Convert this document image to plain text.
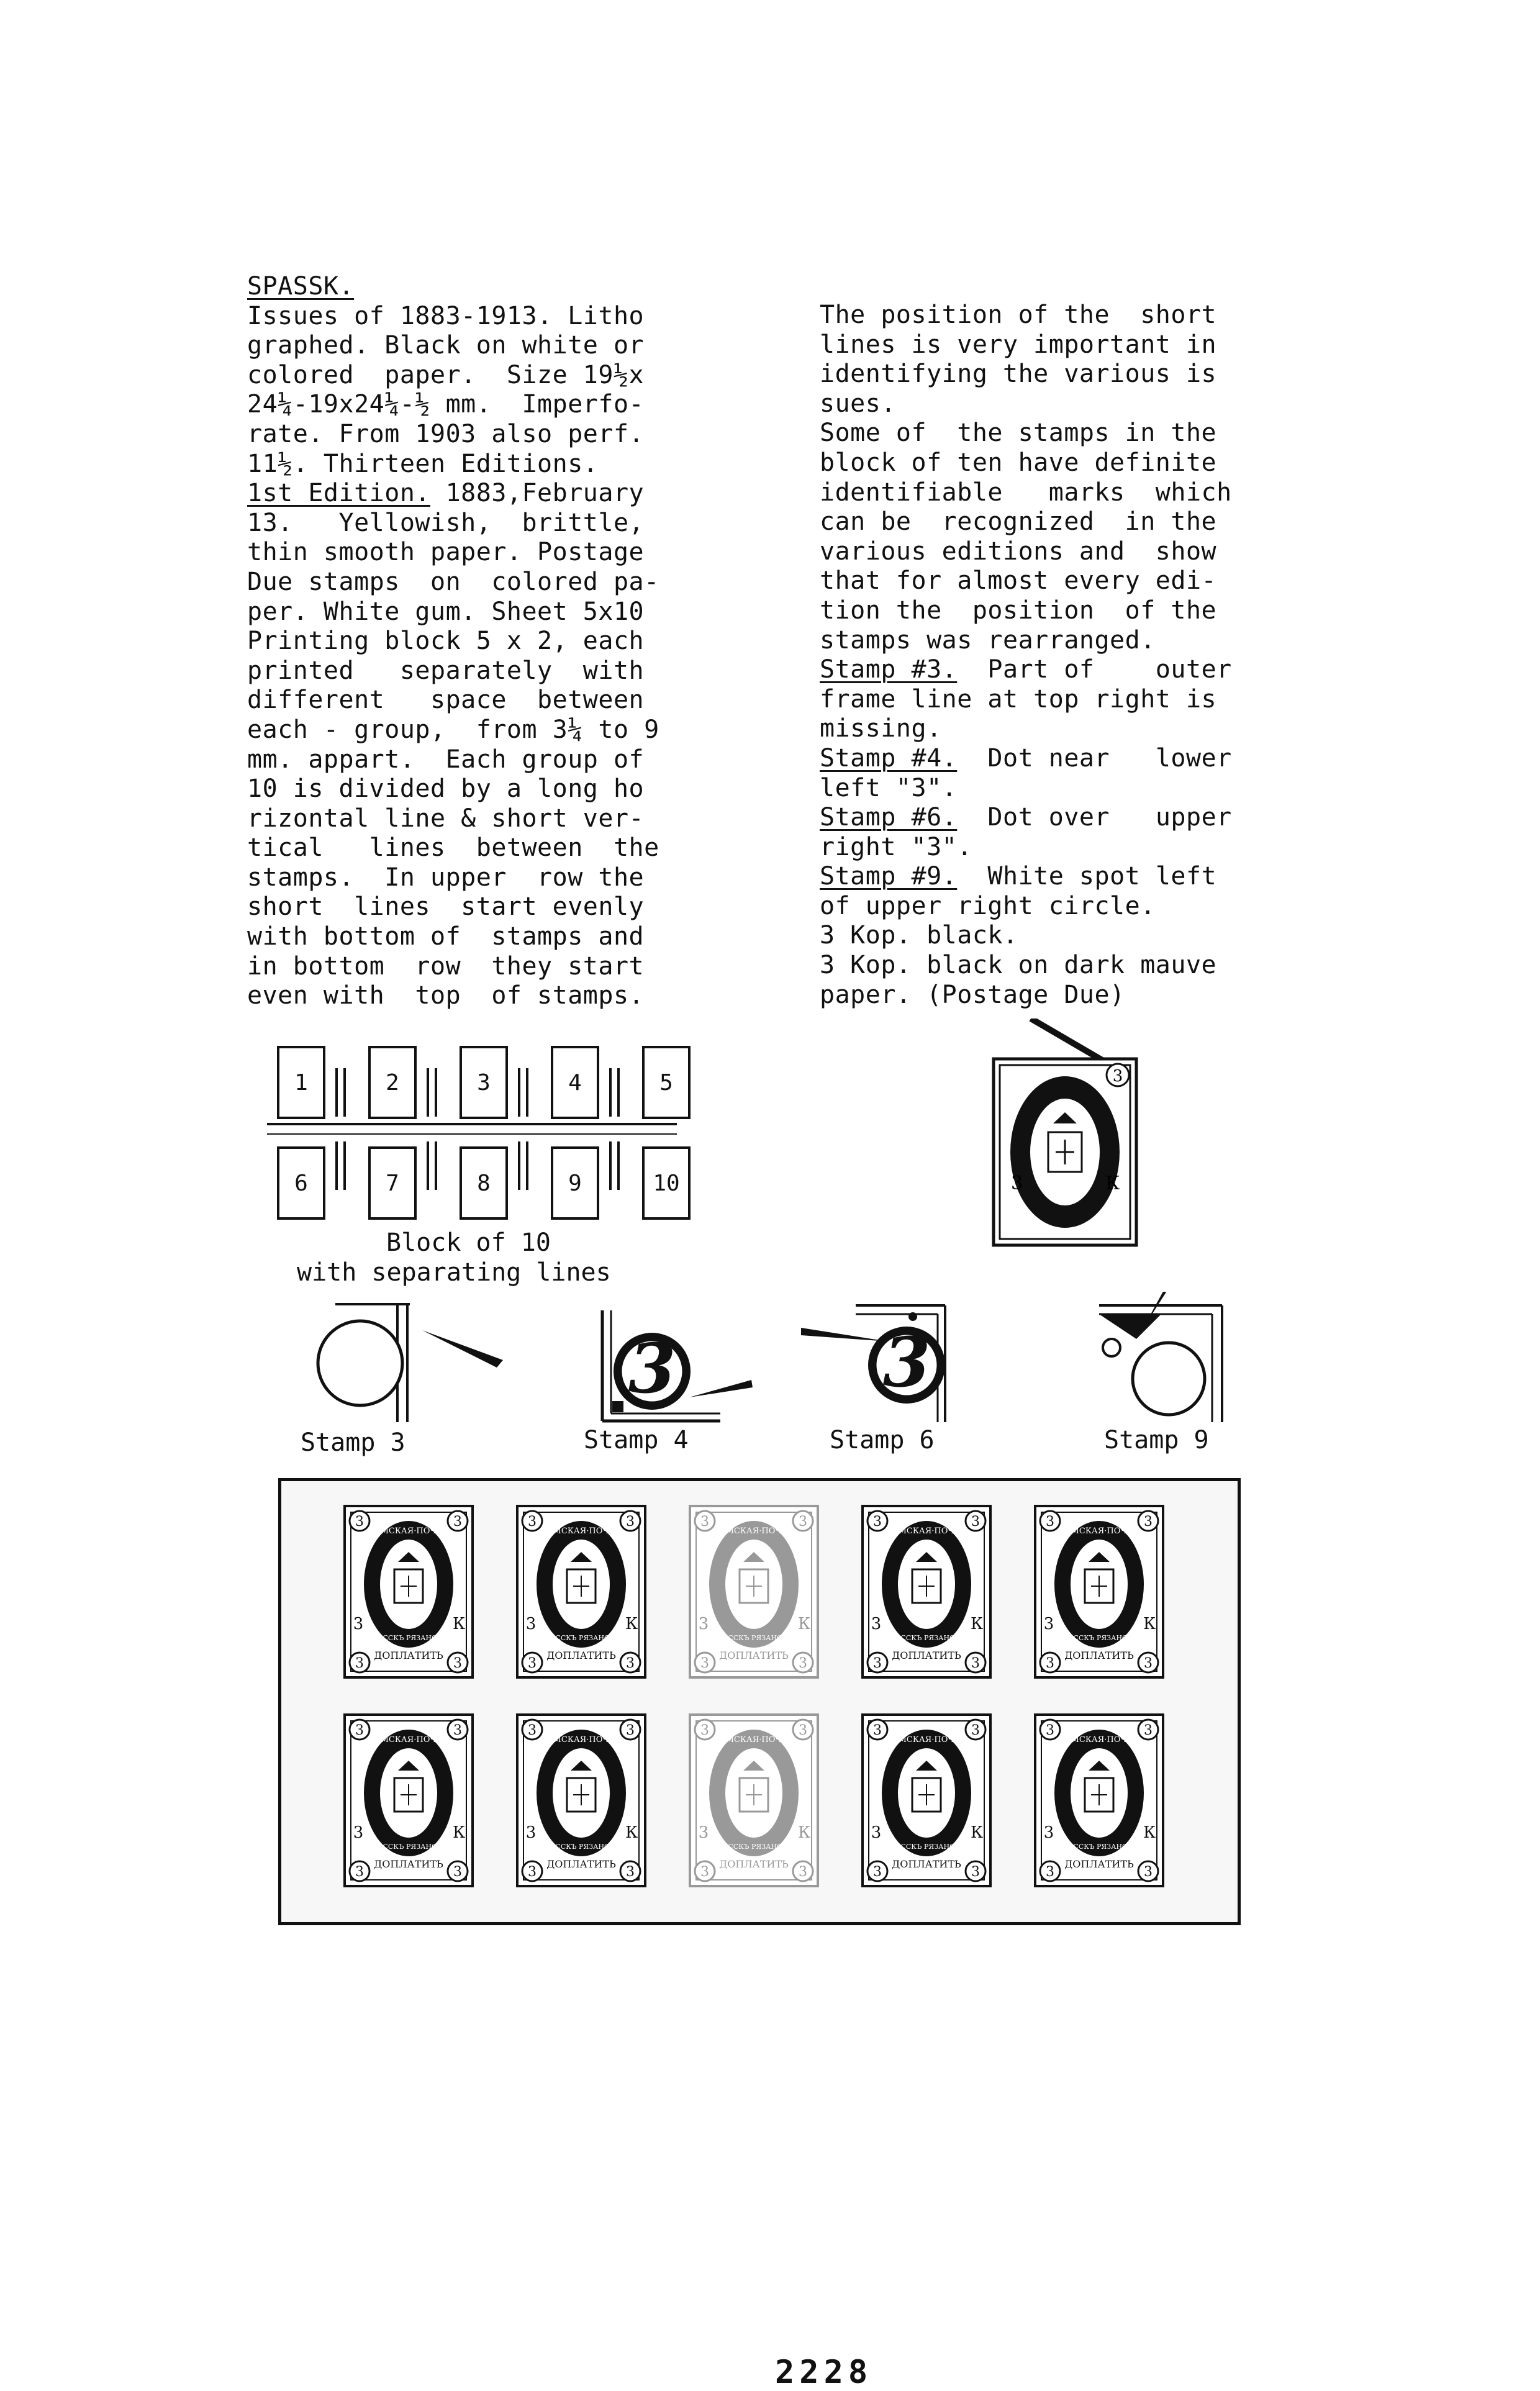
SPASSK.
Issues of 1883-1913. Litho
graphed. Black on white or
colored  paper.  Size 19½x
24¼-19x24¼-½ mm.  Imperfo-
rate. From 1903 also perf.
11½. Thirteen Editions.
1st Edition. 1883,February
13.   Yellowish,  brittle,
thin smooth paper. Postage
Due stamps  on  colored pa-
per. White gum. Sheet 5x10
Printing block 5 x 2, each
printed   separately  with
different   space  between
each - group,  from 3¼ to 9
mm. appart.  Each group of
10 is divided by a long ho
rizontal line & short ver-
tical   lines  between  the
stamps.  In upper  row the
short  lines  start evenly
with bottom of  stamps and
in bottom  row  they start
even with  top  of stamps.
The position of the  short
lines is very important in
identifying the various is
sues.
Some of  the stamps in the
block of ten have definite
identifiable   marks  which
can be  recognized  in the
various editions and  show
that for almost every edi-
tion the  position  of the
stamps was rearranged.
Stamp #3.  Part of    outer
frame line at top right is
missing.
Stamp #4.  Dot near   lower
left "3".
Stamp #6.  Dot over   upper
right "3".
Stamp #9.  White spot left
of upper right circle.
3 Kop. black.
3 Kop. black on dark mauve
paper. (Postage Due)
1	2	3	4	5
6	7	8	9	10
Block of 10
with separating lines
3
3	К
3	3
Stamp 3	Stamp 4	Stamp 6	Stamp 9
3	3
3	3
3	К
ДОПЛАТИТЬ
ЗЕМСКАЯ·ПОЧТА
СПАССКЪ РЯЗАНСКІЙ
3	3
3	3
3	К
ДОПЛАТИТЬ
ЗЕМСКАЯ·ПОЧТА
СПАССКЪ РЯЗАНСКІЙ
3	3
3	3
3	К
ДОПЛАТИТЬ
ЗЕМСКАЯ·ПОЧТА
СПАССКЪ РЯЗАНСКІЙ
3	3
3	3
3	К
ДОПЛАТИТЬ
ЗЕМСКАЯ·ПОЧТА
СПАССКЪ РЯЗАНСКІЙ
3	3
3	3
3	К
ДОПЛАТИТЬ
ЗЕМСКАЯ·ПОЧТА
СПАССКЪ РЯЗАНСКІЙ
3	3
3	3
3	К
ДОПЛАТИТЬ
ЗЕМСКАЯ·ПОЧТА
СПАССКЪ РЯЗАНСКІЙ
3	3
3	3
3	К
ДОПЛАТИТЬ
ЗЕМСКАЯ·ПОЧТА
СПАССКЪ РЯЗАНСКІЙ
3	3
3	3
3	К
ДОПЛАТИТЬ
ЗЕМСКАЯ·ПОЧТА
СПАССКЪ РЯЗАНСКІЙ
3	3
3	3
3	К
ДОПЛАТИТЬ
ЗЕМСКАЯ·ПОЧТА
СПАССКЪ РЯЗАНСКІЙ
3	3
3	3
3	К
ДОПЛАТИТЬ
ЗЕМСКАЯ·ПОЧТА
СПАССКЪ РЯЗАНСКІЙ
2228
